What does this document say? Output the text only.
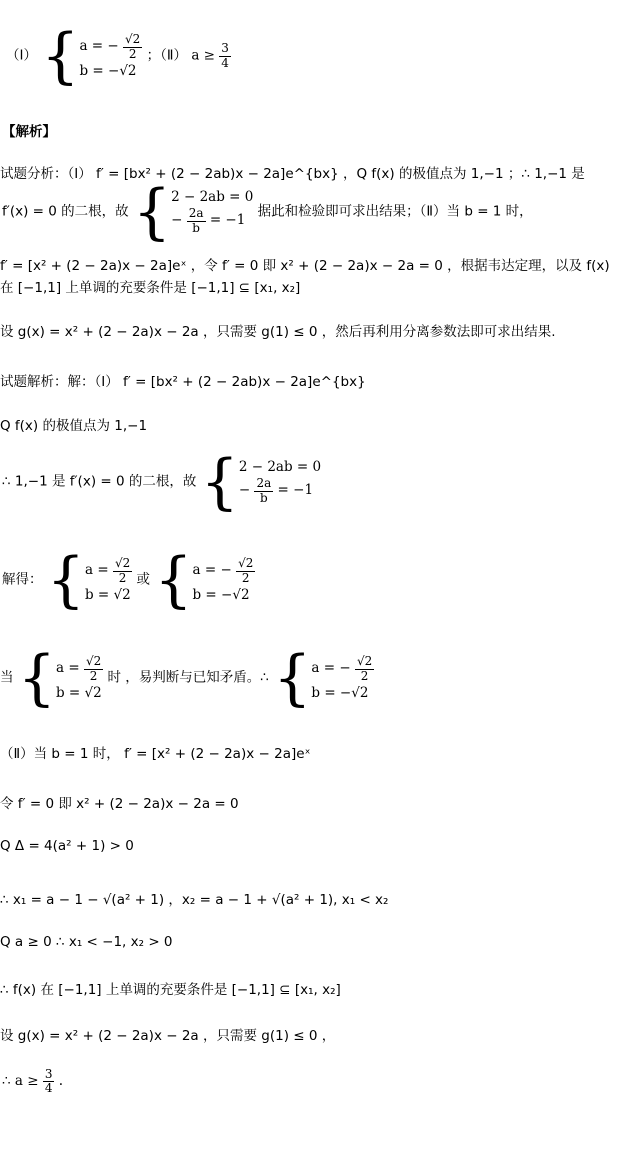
（Ⅰ） { a = − $\frac{√2}{2}$
b = −√2
；（Ⅱ） $a \ge \frac{3}{4}$
【解析】
试题分析：（Ⅰ） f′ = [bx² + (2 − 2ab)x − 2a]e^{bx} ，Q f(x) 的极值点为 1,−1 ；∴ 1,−1 是
f′(x) = 0 的二根，故 { 2 − 2ab = 0
− $\frac{2a}{b} = -1$
据此和检验即可求出结果；（Ⅱ）当 b = 1 时，
f′ = [x² + (2 − 2a)x − 2a]eˣ ，令 f′ = 0 即 x² + (2 − 2a)x − 2a = 0 ，根据韦达定理，以及 f(x)
在 [−1,1] 上单调的充要条件是 [−1,1] ⊆ [x₁, x₂]
设 g(x) = x² + (2 − 2a)x − 2a ，只需要 g(1) ≤ 0 ，然后再利用分离参数法即可求出结果.
试题解析：解：（Ⅰ） f′ = [bx² + (2 − 2ab)x − 2a]e^{bx}
Q f(x) 的极值点为 1,−1
∴ 1,−1 是 f′(x) = 0 的二根，故 { 2 − 2ab = 0
− $\frac{2a}{b} = -1$
解得： { $a = \frac{√2}{2}$
b = √2
或 { a = − $\frac{√2}{2}$
b = −√2
当 { $a = \frac{√2}{2}$
b = √2
时 ，易判断与已知矛盾。∴ { a = − $\frac{√2}{2}$
b = −√2
（Ⅱ）当 b = 1 时， f′ = [x² + (2 − 2a)x − 2a]eˣ
令 f′ = 0 即 x² + (2 − 2a)x − 2a = 0
Q Δ = 4(a² + 1) > 0
∴ x₁ = a − 1 − √(a² + 1) ，x₂ = a − 1 + √(a² + 1), x₁ < x₂
Q a ≥ 0 ∴ x₁ < −1, x₂ > 0
∴ f(x) 在 [−1,1] 上单调的充要条件是 [−1,1] ⊆ [x₁, x₂]
设 g(x) = x² + (2 − 2a)x − 2a ，只需要 g(1) ≤ 0 ，
∴ $a \ge \frac{3}{4}$ .
